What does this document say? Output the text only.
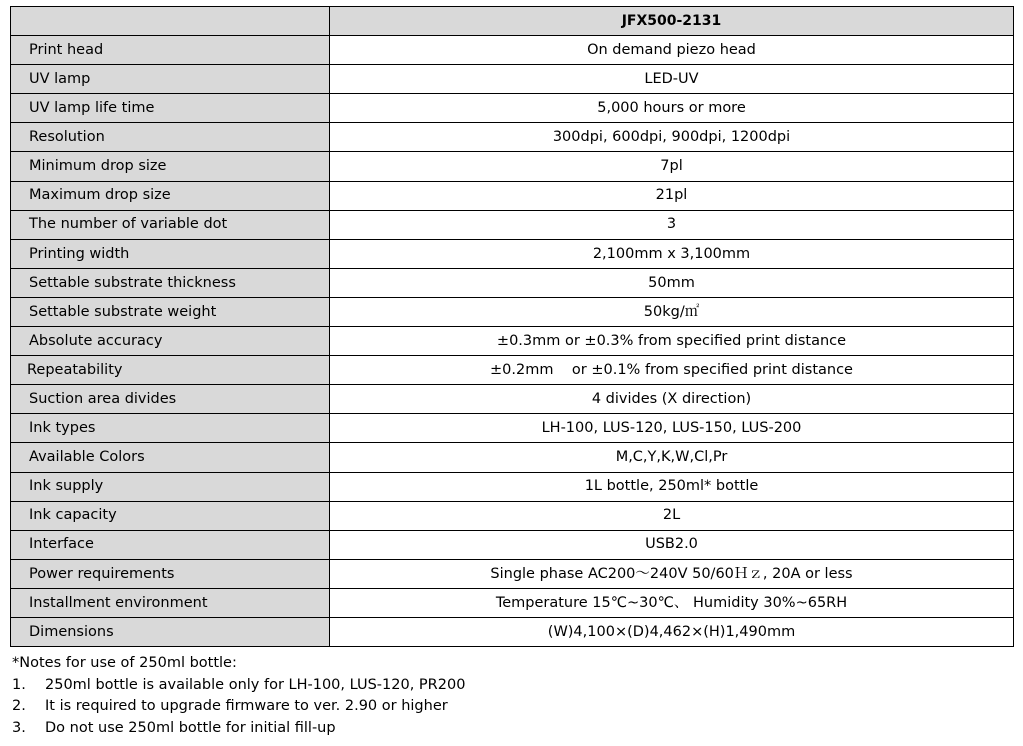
	JFX500-2131
Print head	On demand piezo head
UV lamp	LED-UV
UV lamp life time	5,000 hours or more
Resolution	300dpi, 600dpi, 900dpi, 1200dpi
Minimum drop size	7pl
Maximum drop size	21pl
The number of variable dot	3
Printing width	2,100mm x 3,100mm
Settable substrate thickness	50mm
Settable substrate weight	50kg/㎡
Absolute accuracy	±0.3mm or ±0.3% from specified print distance
Repeatability	±0.2mm    or ±0.1% from specified print distance
Suction area divides	4 divides (X direction)
Ink types	LH-100, LUS-120, LUS-150, LUS-200
Available Colors	M,C,Y,K,W,Cl,Pr
Ink supply	1L bottle, 250ml* bottle
Ink capacity	2L
Interface	USB2.0
Power requirements	Single phase AC200～240V 50/60Ｈｚ, 20A or less
Installment environment	Temperature 15℃~30℃、 Humidity 30%~65RH
Dimensions	(W)4,100×(D)4,462×(H)1,490mm
*Notes for use of 250ml bottle:
1. 250ml bottle is available only for LH-100, LUS-120, PR200
2. It is required to upgrade firmware to ver. 2.90 or higher
3. Do not use 250ml bottle for initial fill-up
